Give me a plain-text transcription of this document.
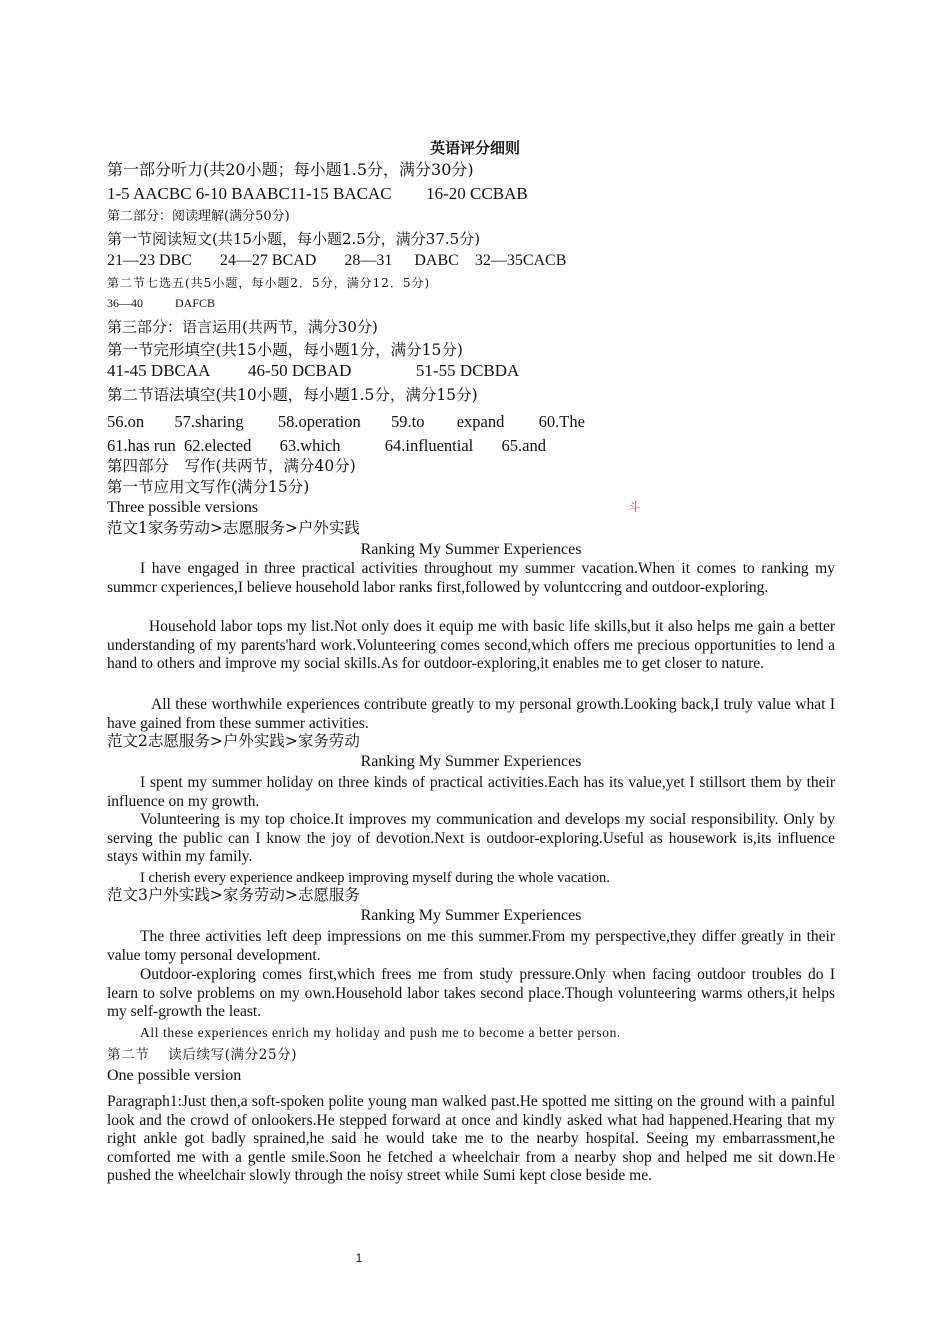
英语评分细则
第一部分听力(共20小题；每小题1.5分，满分30分)
1-5 AACBC 6-10 BAABC11-15 BACAC 16-20 CCBAB
第二部分：阅读理解(满分50分)
第一节阅读短文(共15小题，每小题2.5分，满分37.5分)
21—23 DBC 24—27 BCAD 28—31 DABC 32—35CACB
第二节七选五(共5小题，每小题2．5分，满分12．5分)
36—40	DAFCB
第三部分：语言运用(共两节，满分30分)
第一节完形填空(共15小题，每小题1分，满分15分)
41-45 DBCAA 46-50 DCBAD	51-55 DCBDA
第二节语法填空(共10小题，每小题1.5分，满分15分)
56.on 57.sharing 58.operation 59.to expand 60.The
61.has run 62.elected 63.which	64.influential 65.and
第四部分　写作(共两节，满分40分)
第一节应用文写作(满分15分)
Three possible versions	斗
范文1家务劳动>志愿服务>户外实践
Ranking My Summer Experiences
I have engaged in three practical activities throughout my summer vacation.When it comes to ranking my summcr cxperiences,I believe household labor ranks first,followed by voluntccring and outdoor-exploring.
Household labor tops my list.Not only does it equip me with basic life skills,but it also helps me gain a better understanding of my parents'hard work.Volunteering comes second,which offers me precious opportunities to lend a hand to others and improve my social skills.As for outdoor-exploring,it enables me to get closer to nature.
All these worthwhile experiences contribute greatly to my personal growth.Looking back,I truly value what I have gained from these summer activities.
范文2志愿服务>户外实践>家务劳动
Ranking My Summer Experiences
I spent my summer holiday on three kinds of practical activities.Each has its value,yet I stillsort them by their influence on my growth.
Volunteering is my top choice.It improves my communication and develops my social responsibility. Only by serving the public can I know the joy of devotion.Next is outdoor-exploring.Useful as housework is,its influence stays within my family.
I cherish every experience andkeep improving myself during the whole vacation.
范文3户外实践>家务劳动>志愿服务
Ranking My Summer Experiences
The three activities left deep impressions on me this summer.From my perspective,they differ greatly in their value tomy personal development.
Outdoor-exploring comes first,which frees me from study pressure.Only when facing outdoor troubles do I learn to solve problems on my own.Household labor takes second place.Though volunteering warms others,it helps my self-growth the least.
All these experiences enrich my holiday and push me to become a better person.
第二节　 读后续写(满分25分)
One possible version
Paragraph1:Just then,a soft-spoken polite young man walked past.He spotted me sitting on the ground with a painful look and the crowd of onlookers.He stepped forward at once and kindly asked what had happened.Hearing that my right ankle got badly sprained,he said he would take me to the nearby hospital. Seeing my embarrassment,he comforted me with a gentle smile.Soon he fetched a wheelchair from a nearby shop and helped me sit down.He pushed the wheelchair slowly through the noisy street while Sumi kept close beside me.
1
